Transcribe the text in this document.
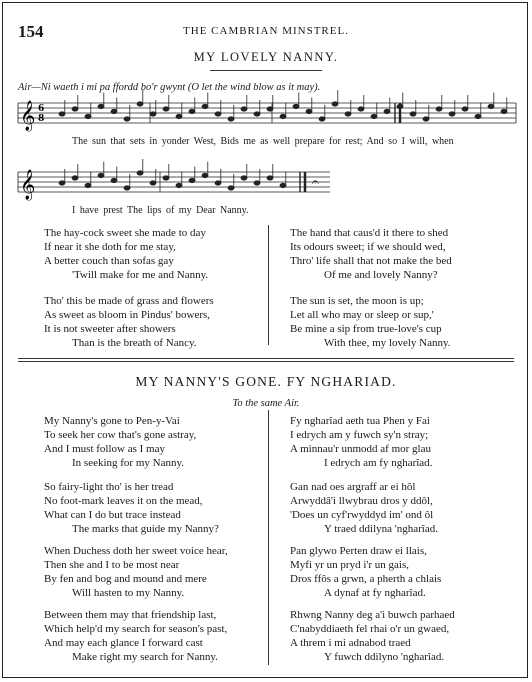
154	THE CAMBRIAN MINSTREL.
MY LOVELY NANNY.
Air—Ni waeth i mi pa ffordd bo'r gwynt (O let the wind blow as it may).
𝄞
𝄞
6
8
𝄐
The sun that sets in yonder West, Bids me as well prepare for rest; And so I will, when
I have prest The lips of my Dear Nanny.
The hay-cock sweet she made to day
If near it she doth for me stay,
A better couch than sofas gay
'Twill make for me and Nanny.
Tho' this be made of grass and flowers
As sweet as bloom in Pindus' bowers,
It is not sweeter after showers
Than is the breath of Nancy.
The hand that caus'd it there to shed
Its odours sweet; if we should wed,
Thro' life shall that not make the bed
Of me and lovely Nanny?
The sun is set, the moon is up;
Let all who may or sleep or sup,'
Be mine a sip from true-love's cup
With thee, my lovely Nanny.
MY NANNY'S GONE. FY NGHARIAD.
To the same Air.
My Nanny's gone to Pen-y-Vai
To seek her cow that's gone astray,
And I must follow as I may
In seeking for my Nanny.
So fairy-light tho' is her tread
No foot-mark leaves it on the mead,
What can I do but trace instead
The marks that guide my Nanny?
When Duchess doth her sweet voice hear,
Then she and I to be most near
By fen and bog and mound and mere
Will hasten to my Nanny.
Between them may that friendship last,
Which help'd my search for season's past,
And may each glance I forward cast
Make right my search for Nanny.
Fy ngharîad aeth tua Phen y Fai
I edrych am y fuwch sy'n stray;
A minnau'r unmodd af mor glau
I edrych am fy ngharîad.
Gan nad oes argraff ar ei hôl
Arwyddâ'i llwybrau dros y ddôl,
'Does un cyf'rwyddyd im' ond ôl
Y traed ddilyna 'ngharîad.
Pan glywo Perten draw ei llais,
Myfi yr un pryd i'r un gais,
Dros ffôs a grwn, a pherth a chlais
A dynaf at fy ngharîad.
Rhwng Nanny deg a'i buwch parhaed
C'nabyddiaeth fel rhai o'r un gwaed,
A threm i mi adnabod traed
Y fuwch ddilyno 'ngharîad.
